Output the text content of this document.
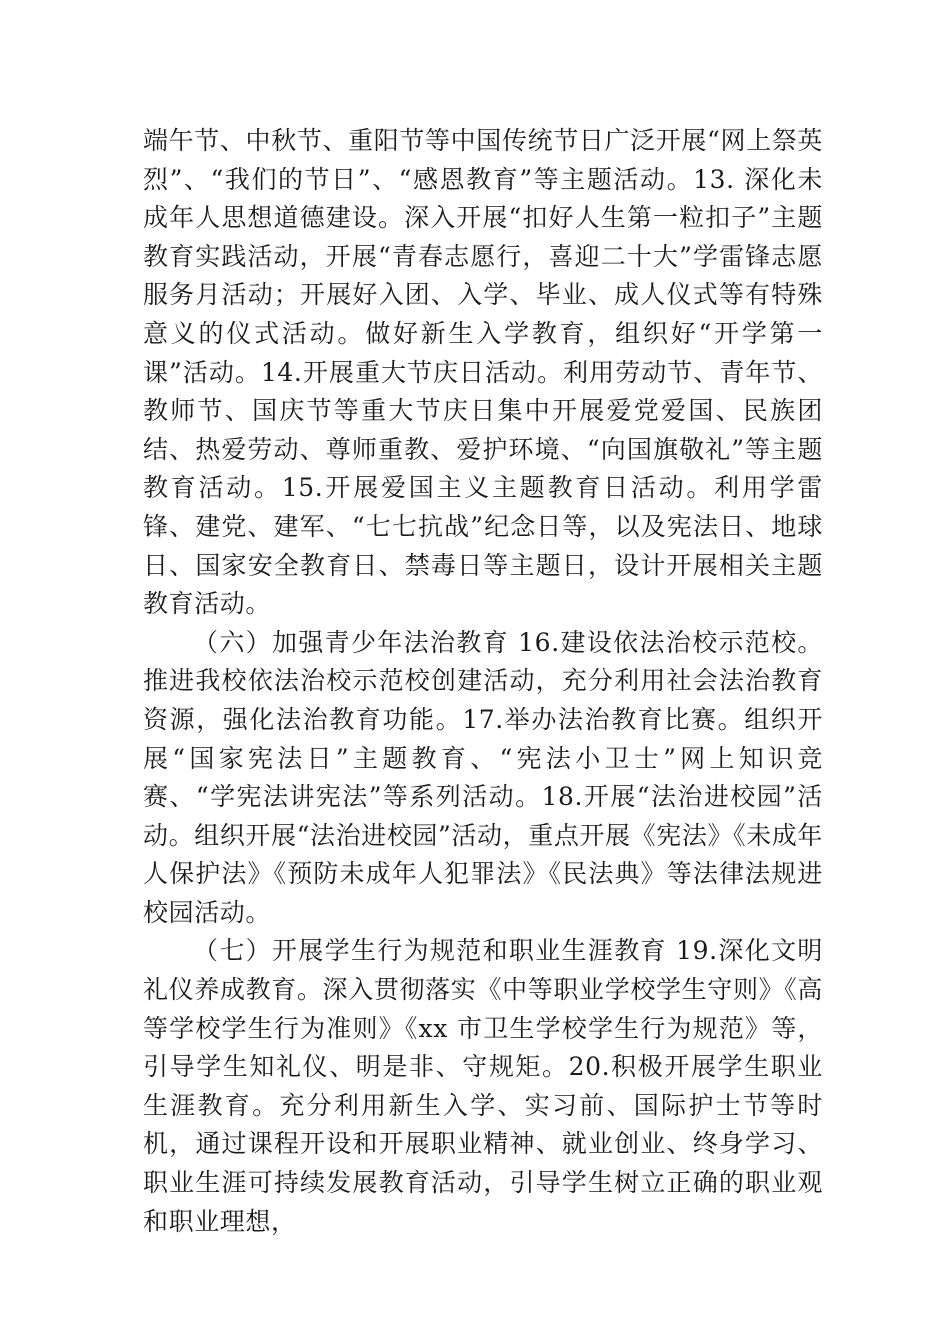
端午节、中秋节、重阳节等中国传统节日广泛开展“网上祭英烈”、“我们的节日”、“感恩教育”等主题活动。13. 深化未成年人思想道德建设。深入开展“扣好人生第一粒扣子”主题教育实践活动，开展“青春志愿行，喜迎二十大”学雷锋志愿服务月活动；开展好入团、入学、毕业、成人仪式等有特殊意义的仪式活动。做好新生入学教育，组织好“开学第一课”活动。14.开展重大节庆日活动。利用劳动节、青年节、教师节、国庆节等重大节庆日集中开展爱党爱国、民族团结、热爱劳动、尊师重教、爱护环境、“向国旗敬礼”等主题教育活动。15.开展爱国主义主题教育日活动。利用学雷锋、建党、建军、“七七抗战”纪念日等，以及宪法日、地球日、国家安全教育日、禁毒日等主题日，设计开展相关主题教育活动。

（六）加强青少年法治教育 16.建设依法治校示范校。推进我校依法治校示范校创建活动，充分利用社会法治教育资源，强化法治教育功能。17.举办法治教育比赛。组织开展“国家宪法日”主题教育、“宪法小卫士”网上知识竞赛、“学宪法讲宪法”等系列活动。18.开展“法治进校园”活动。组织开展“法治进校园”活动，重点开展《宪法》《未成年人保护法》《预防未成年人犯罪法》《民法典》等法律法规进校园活动。

（七）开展学生行为规范和职业生涯教育 19.深化文明礼仪养成教育。深入贯彻落实《中等职业学校学生守则》《高等学校学生行为准则》《xx 市卫生学校学生行为规范》等，引导学生知礼仪、明是非、守规矩。20.积极开展学生职业生涯教育。充分利用新生入学、实习前、国际护士节等时机，通过课程开设和开展职业精神、就业创业、终身学习、职业生涯可持续发展教育活动，引导学生树立正确的职业观和职业理想，
